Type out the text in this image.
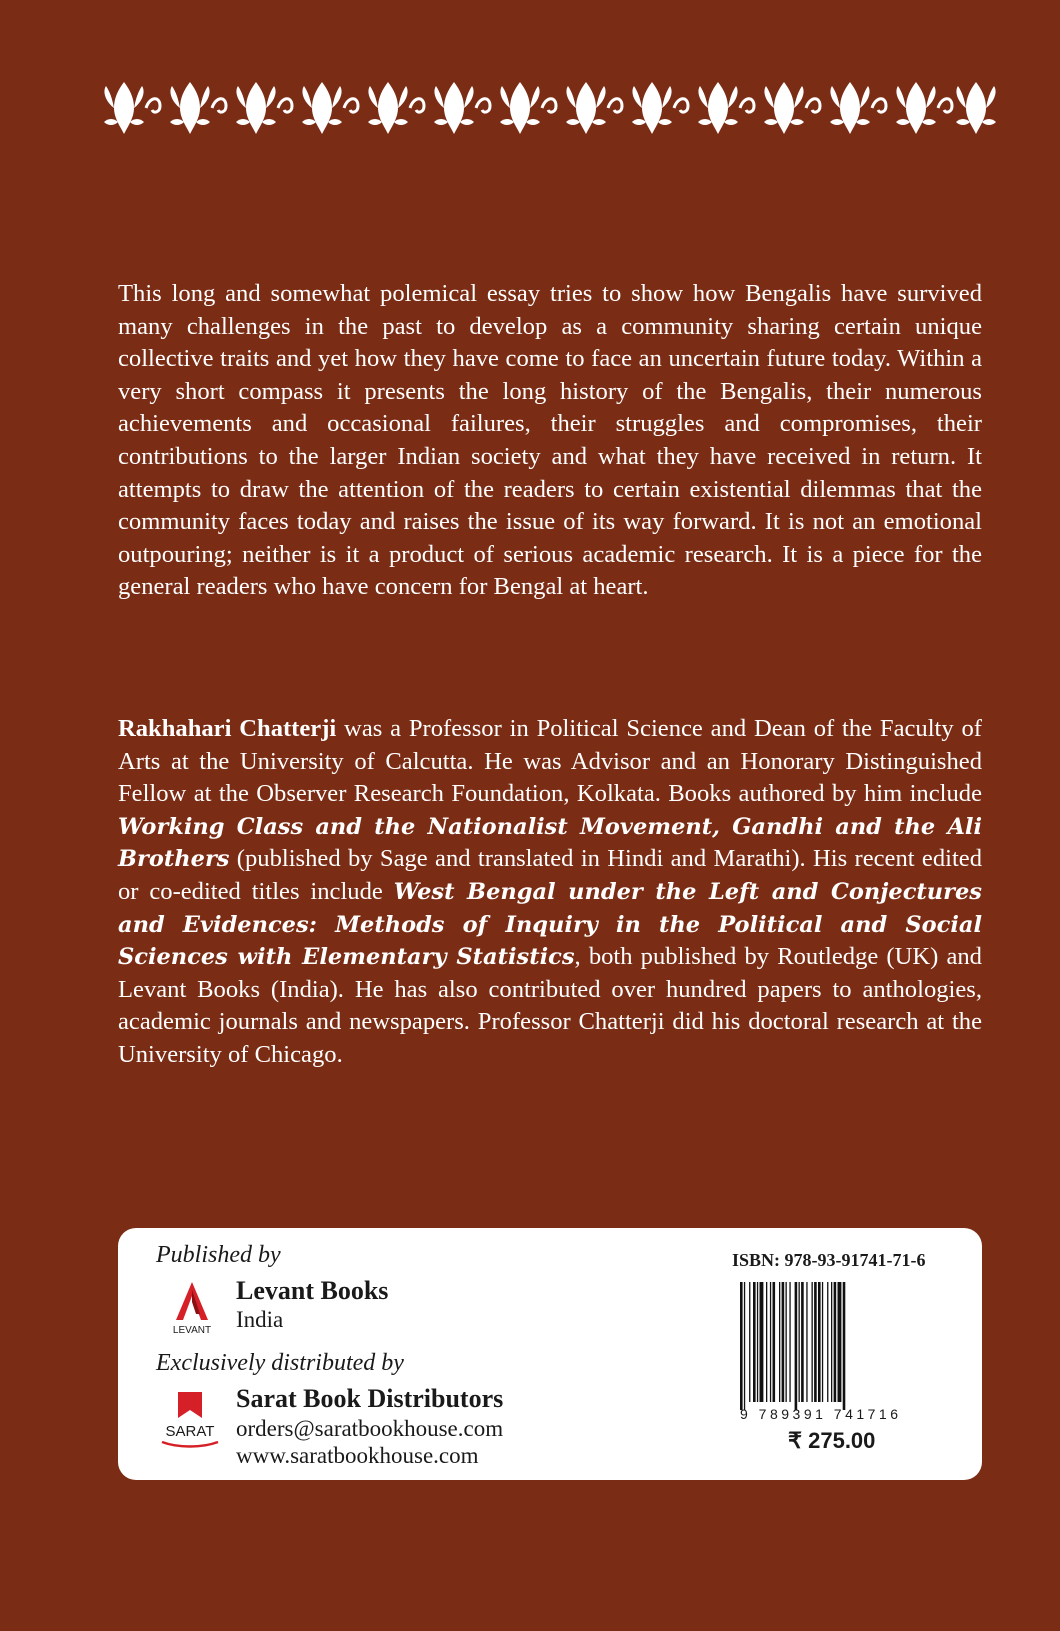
This long and somewhat polemical essay tries to show how Bengalis have survived many challenges in the past to develop as a community sharing certain unique collective traits and yet how they have come to face an uncertain future today. Within a very short compass it presents the long history of the Bengalis, their numerous achievements and occasional failures, their struggles and compromises, their contributions to the larger Indian society and what they have received in return. It attempts to draw the attention of the readers to certain existential dilemmas that the community faces today and raises the issue of its way forward. It is not an emotional outpouring; neither is it a product of serious academic research. It is a piece for the general readers who have concern for Bengal at heart.

Rakhahari Chatterji was a Professor in Political Science and Dean of the Faculty of Arts at the University of Calcutta. He was Advisor and an Honorary Distinguished Fellow at the Observer Research Foundation, Kolkata. Books authored by him include Working Class and the Nationalist Movement, Gandhi and the Ali Brothers (published by Sage and translated in Hindi and Marathi). His recent edited or co-edited titles include West Bengal under the Left and Conjectures and Evidences: Methods of Inquiry in the Political and Social Sciences with Elementary Statistics, both published by Routledge (UK) and Levant Books (India). He has also contributed over hundred papers to anthologies, academic journals and newspapers. Professor Chatterji did his doctoral research at the University of Chicago.

Published by
LEVANT
Levant Books
India
Exclusively distributed by
SARAT
Sarat Book Distributors
orders@saratbookhouse.com
www.saratbookhouse.com
ISBN: 978-93-91741-71-6
9 789391 741716
₹ 275.00
